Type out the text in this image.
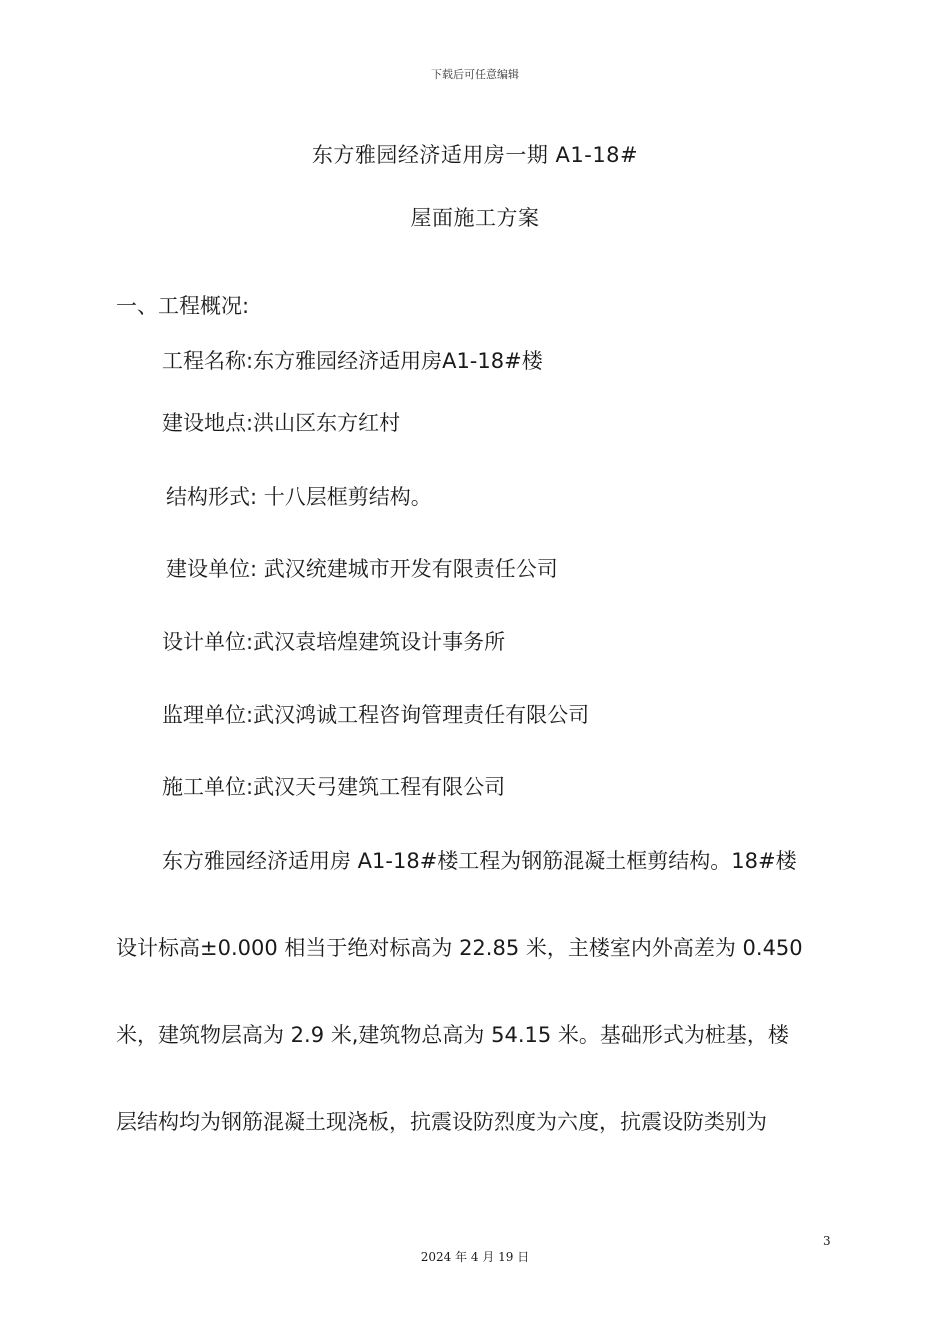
下载后可任意编辑
东方雅园经济适用房一期 A1-18#
屋面施工方案
一、工程概况:
工程名称:东方雅园经济适用房A1-18#楼
建设地点:洪山区东方红村
结构形式: 十八层框剪结构。
建设单位: 武汉统建城市开发有限责任公司
设计单位:武汉袁培煌建筑设计事务所
监理单位:武汉鸿诚工程咨询管理责任有限公司
施工单位:武汉天弓建筑工程有限公司
东方雅园经济适用房 A1-18#楼工程为钢筋混凝土框剪结构。18#楼
设计标高±0.000 相当于绝对标高为 22.85 米，主楼室内外高差为 0.450
米，建筑物层高为 2.9 米,建筑物总高为 54.15 米。基础形式为桩基，楼
层结构均为钢筋混凝土现浇板，抗震设防烈度为六度，抗震设防类别为
3
2024 年 4 月 19 日
